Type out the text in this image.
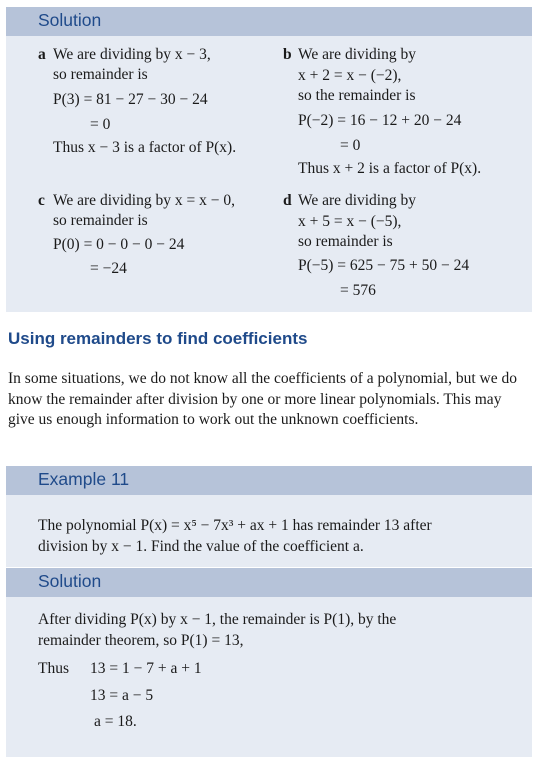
Solution
a We are dividing by x − 3,
so remainder is
P(3) = 81 − 27 − 30 − 24
= 0
Thus x − 3 is a factor of P(x).
b We are dividing by
x + 2 = x − (−2),
so the remainder is
P(−2) = 16 − 12 + 20 − 24
= 0
Thus x + 2 is a factor of P(x).
c We are dividing by x = x − 0,
so remainder is
P(0) = 0 − 0 − 0 − 24
= −24
d We are dividing by
x + 5 = x − (−5),
so remainder is
P(−5) = 625 − 75 + 50 − 24
= 576
Using remainders to find coefficients
In some situations, we do not know all the coefficients of a polynomial, but we do know the remainder after division by one or more linear polynomials. This may give us enough information to work out the unknown coefficients.
Example 11
The polynomial P(x) = x⁵ − 7x³ + ax + 1 has remainder 13 after
division by x − 1. Find the value of the coefficient a.
Solution
After dividing P(x) by x − 1, the remainder is P(1), by the
remainder theorem, so P(1) = 13,
Thus 13 = 1 − 7 + a + 1
13 = a − 5
a = 18.
